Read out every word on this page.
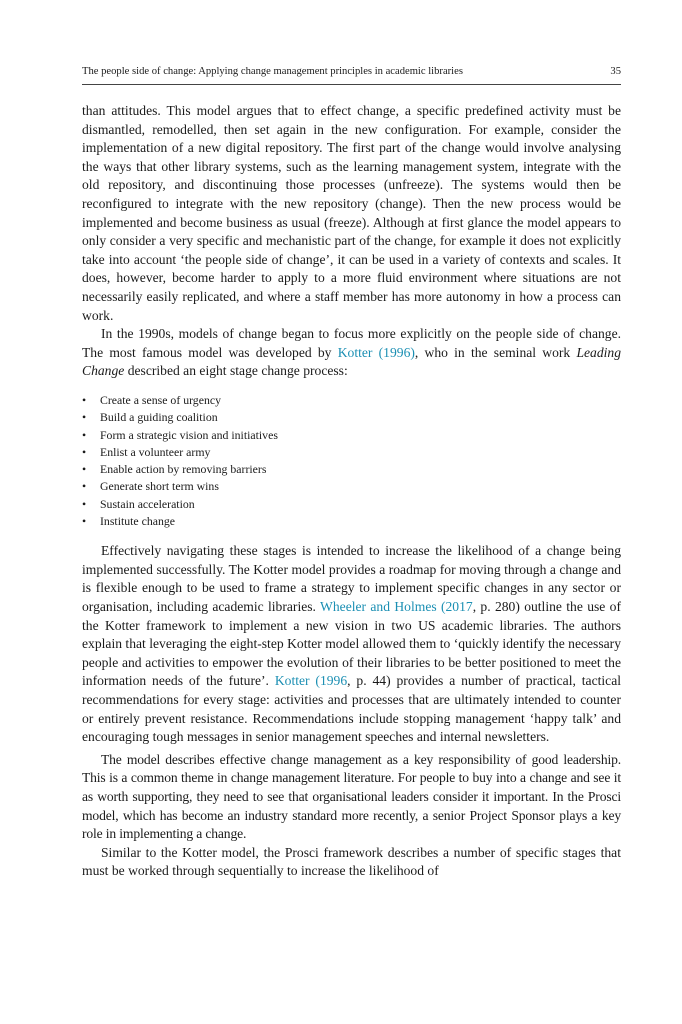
The people side of change: Applying change management principles in academic libraries	35

than attitudes. This model argues that to effect change, a specific predefined activity must be dismantled, remodelled, then set again in the new configuration. For example, consider the implementation of a new digital repository. The first part of the change would involve analysing the ways that other library systems, such as the learning management system, integrate with the old repository, and discontinuing those processes (unfreeze). The systems would then be reconfigured to integrate with the new repository (change). Then the new process would be implemented and become business as usual (freeze). Although at first glance the model appears to only consider a very specific and mechanistic part of the change, for example it does not explicitly take into account ‘the people side of change’, it can be used in a variety of contexts and scales. It does, however, become harder to apply to a more fluid environment where situations are not necessarily easily replicated, and where a staff member has more autonomy in how a process can work.

In the 1990s, models of change began to focus more explicitly on the people side of change. The most famous model was developed by Kotter (1996), who in the seminal work Leading Change described an eight stage change process:

• Create a sense of urgency
• Build a guiding coalition
• Form a strategic vision and initiatives
• Enlist a volunteer army
• Enable action by removing barriers
• Generate short term wins
• Sustain acceleration
• Institute change

Effectively navigating these stages is intended to increase the likelihood of a change being implemented successfully. The Kotter model provides a roadmap for moving through a change and is flexible enough to be used to frame a strategy to implement specific changes in any sector or organisation, including academic libraries. Wheeler and Holmes (2017, p. 280) outline the use of the Kotter framework to implement a new vision in two US academic libraries. The authors explain that leveraging the eight-step Kotter model allowed them to ‘quickly identify the necessary people and activities to empower the evolution of their libraries to be better positioned to meet the information needs of the future’. Kotter (1996, p. 44) provides a number of practical, tactical recommendations for every stage: activities and processes that are ultimately intended to counter or entirely prevent resistance. Recommendations include stopping management ‘happy talk’ and encouraging tough messages in senior management speeches and internal newsletters.

The model describes effective change management as a key responsibility of good leadership. This is a common theme in change management literature. For people to buy into a change and see it as worth supporting, they need to see that organisational leaders consider it important. In the Prosci model, which has become an industry standard more recently, a senior Project Sponsor plays a key role in implementing a change.

Similar to the Kotter model, the Prosci framework describes a number of specific stages that must be worked through sequentially to increase the likelihood of
